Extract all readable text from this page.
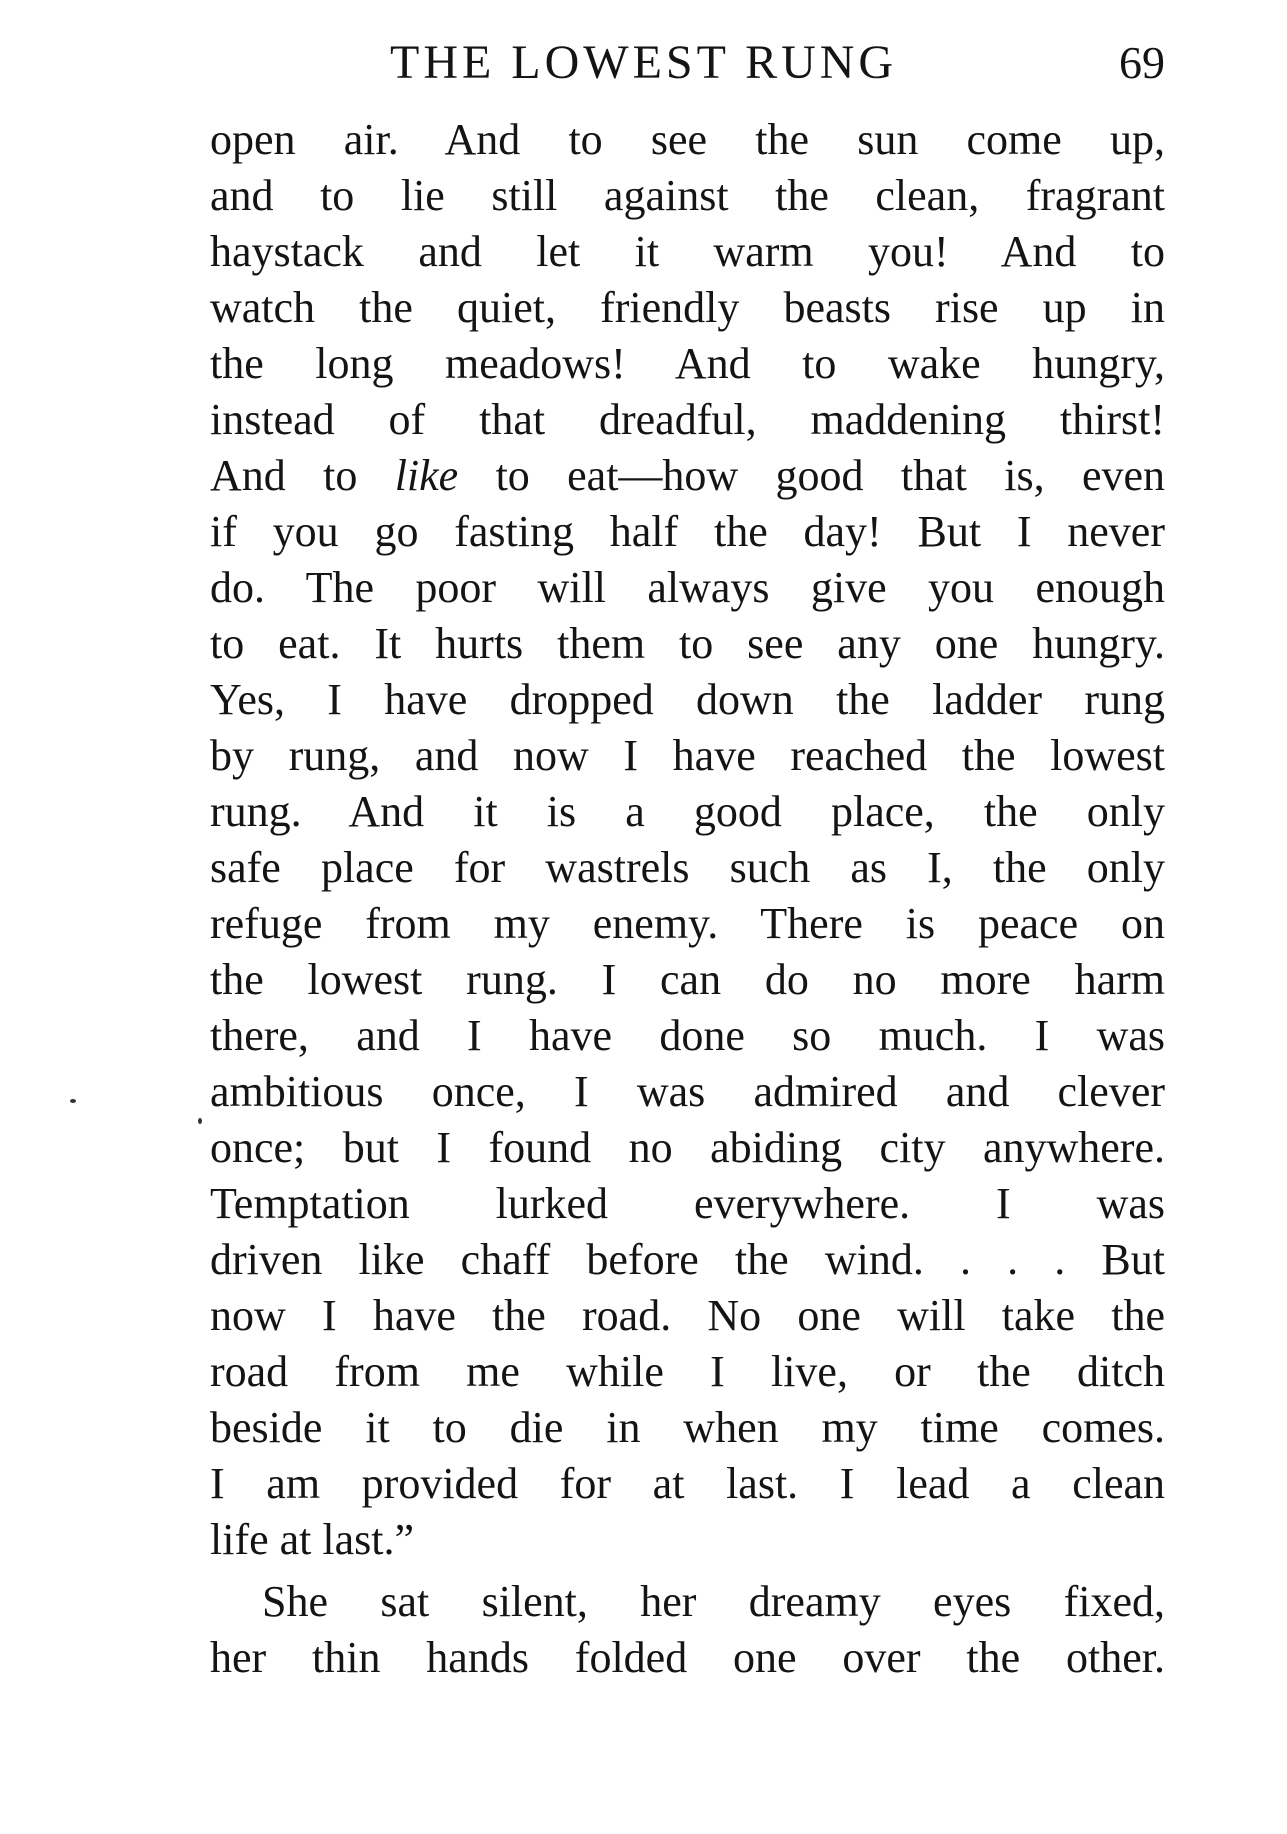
THE LOWEST RUNG	69
open air. And to see the sun come up,
and to lie still against the clean, fragrant
haystack and let it warm you! And to
watch the quiet, friendly beasts rise up in
the long meadows! And to wake hungry,
instead of that dreadful, maddening thirst!
And to like to eat—how good that is, even
if you go fasting half the day! But I never
do. The poor will always give you enough
to eat. It hurts them to see any one hungry.
Yes, I have dropped down the ladder rung
by rung, and now I have reached the lowest
rung. And it is a good place, the only
safe place for wastrels such as I, the only
refuge from my enemy. There is peace on
the lowest rung. I can do no more harm
there, and I have done so much. I was
ambitious once, I was admired and clever
once; but I found no abiding city anywhere.
Temptation lurked everywhere. I was
driven like chaff before the wind. . . . But
now I have the road. No one will take the
road from me while I live, or the ditch
beside it to die in when my time comes.
I am provided for at last. I lead a clean
life at last.”
She sat silent, her dreamy eyes fixed,
her thin hands folded one over the other.
